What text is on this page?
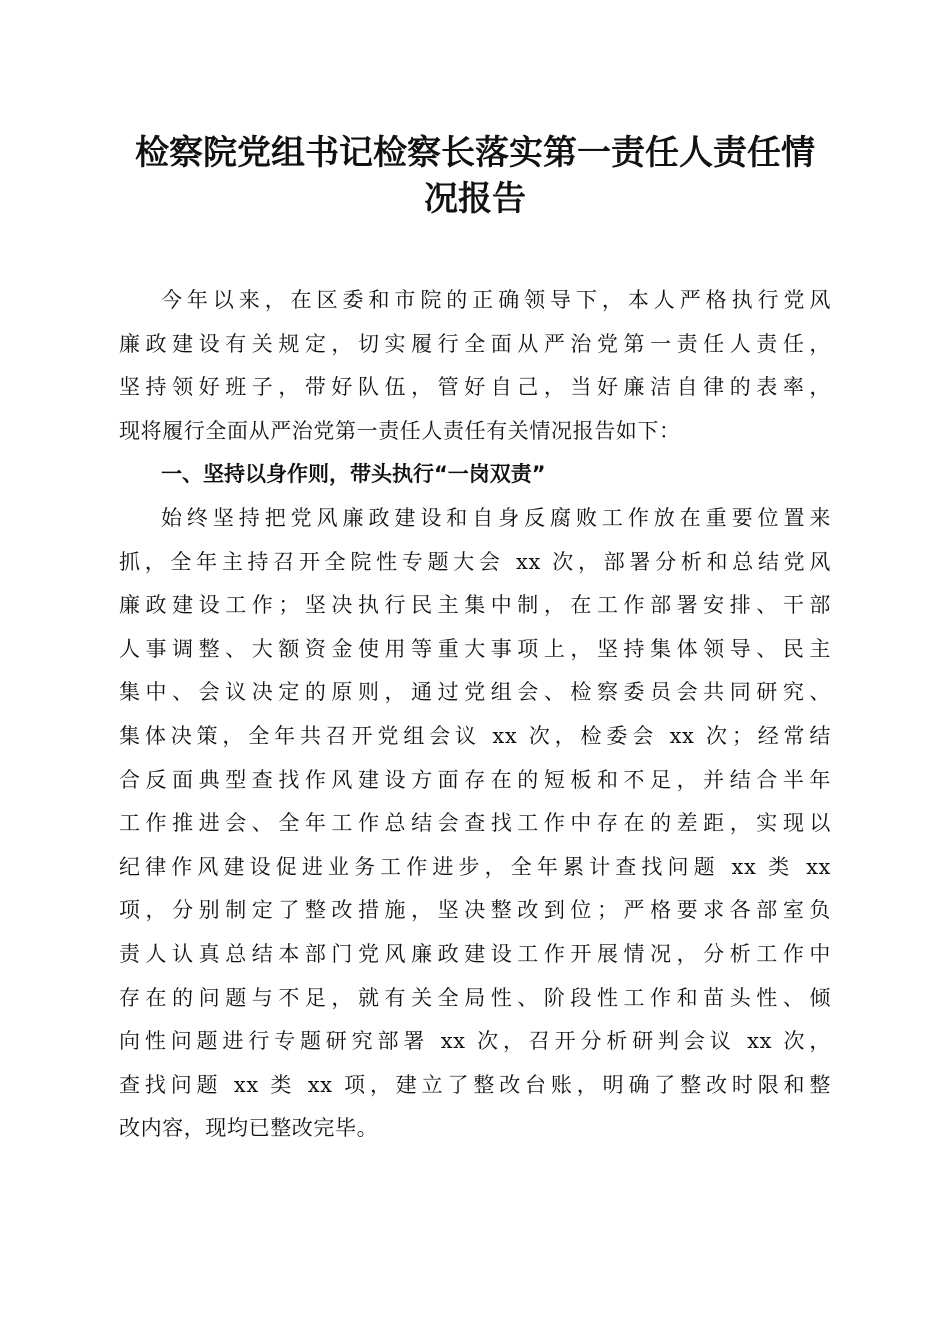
检察院党组书记检察长落实第一责任人责任情
况报告
今年以来，在区委和市院的正确领导下，本人严格执行党风
廉政建设有关规定，切实履行全面从严治党第一责任人责任，
坚持领好班子，带好队伍，管好自己，当好廉洁自律的表率，
现将履行全面从严治党第一责任人责任有关情况报告如下：
一、坚持以身作则，带头执行“一岗双责”
始终坚持把党风廉政建设和自身反腐败工作放在重要位置来
抓，全年主持召开全院性专题大会 xx 次，部署分析和总结党风
廉政建设工作；坚决执行民主集中制，在工作部署安排、干部
人事调整、大额资金使用等重大事项上，坚持集体领导、民主
集中、会议决定的原则，通过党组会、检察委员会共同研究、
集体决策，全年共召开党组会议 xx 次，检委会 xx 次；经常结
合反面典型查找作风建设方面存在的短板和不足，并结合半年
工作推进会、全年工作总结会查找工作中存在的差距，实现以
纪律作风建设促进业务工作进步，全年累计查找问题 xx 类 xx
项，分别制定了整改措施，坚决整改到位；严格要求各部室负
责人认真总结本部门党风廉政建设工作开展情况，分析工作中
存在的问题与不足，就有关全局性、阶段性工作和苗头性、倾
向性问题进行专题研究部署 xx 次，召开分析研判会议 xx 次，
查找问题 xx 类 xx 项，建立了整改台账，明确了整改时限和整
改内容，现均已整改完毕。
